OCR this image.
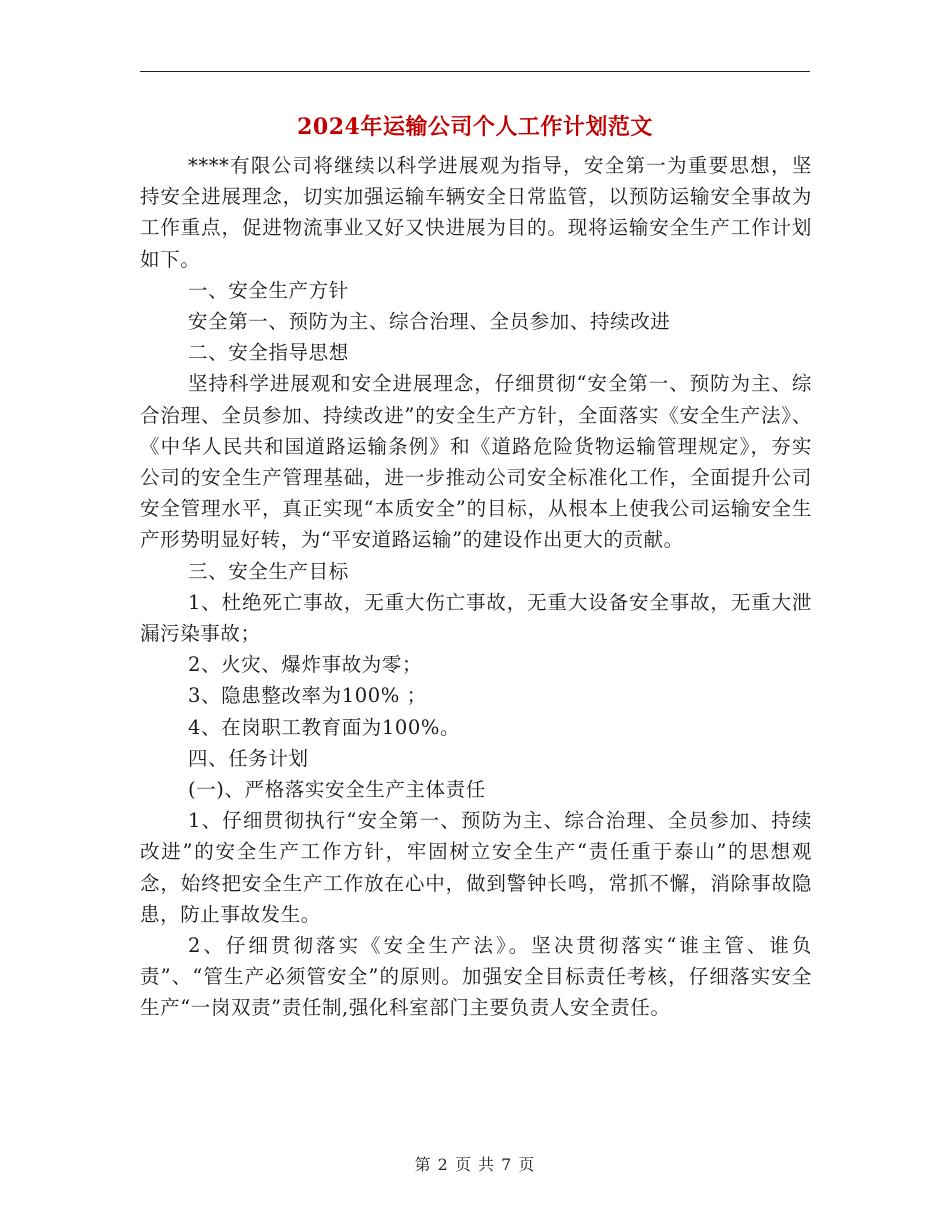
2024年运输公司个人工作计划范文

****有限公司将继续以科学进展观为指导，安全第一为重要思想，坚持安全进展理念，切实加强运输车辆安全日常监管，以预防运输安全事故为工作重点，促进物流事业又好又快进展为目的。现将运输安全生产工作计划如下。

一、安全生产方针

安全第一、预防为主、综合治理、全员参加、持续改进

二、安全指导思想

坚持科学进展观和安全进展理念，仔细贯彻“安全第一、预防为主、综合治理、全员参加、持续改进”的安全生产方针，全面落实《安全生产法》、《中华人民共和国道路运输条例》和《道路危险货物运输管理规定》，夯实公司的安全生产管理基础，进一步推动公司安全标准化工作，全面提升公司安全管理水平，真正实现“本质安全”的目标，从根本上使我公司运输安全生产形势明显好转，为“平安道路运输”的建设作出更大的贡献。

三、安全生产目标

1、杜绝死亡事故，无重大伤亡事故，无重大设备安全事故，无重大泄漏污染事故；

2、火灾、爆炸事故为零；

3、隐患整改率为100% ；

4、在岗职工教育面为100%。

四、任务计划

(一)、严格落实安全生产主体责任

1、仔细贯彻执行“安全第一、预防为主、综合治理、全员参加、持续改进”的安全生产工作方针，牢固树立安全生产“责任重于泰山”的思想观念，始终把安全生产工作放在心中，做到警钟长鸣，常抓不懈，消除事故隐患，防止事故发生。

2、仔细贯彻落实《安全生产法》。坚决贯彻落实“谁主管、谁负责”、“管生产必须管安全”的原则。加强安全目标责任考核，仔细落实安全生产“一岗双责”责任制,强化科室部门主要负责人安全责任。

第 2 页 共 7 页
